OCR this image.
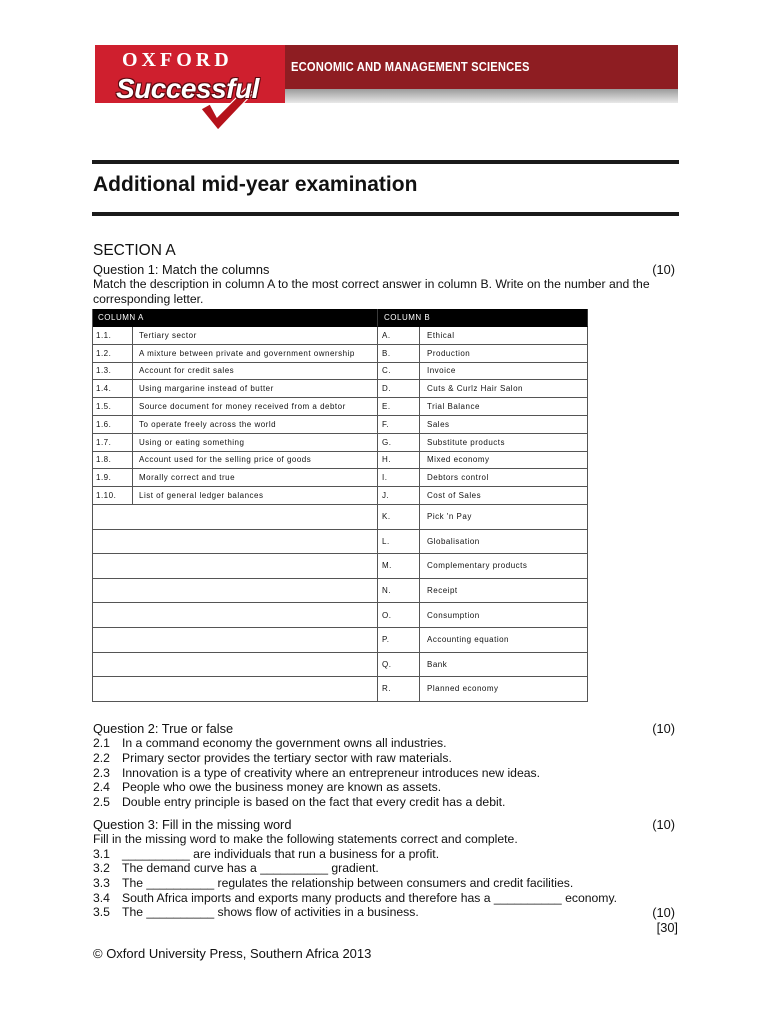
OXFORD
Successful
ECONOMIC AND MANAGEMENT SCIENCES
Additional mid-year examination
SECTION A
Question 1: Match the columns	(10)
Match the description in column A to the most correct answer in column B. Write on the number and the
corresponding letter.
COLUMN A	COLUMN B
1.1.	Tertiary sector	A.	Ethical
1.2.	A mixture between private and government ownership	B.	Production
1.3.	Account for credit sales	C.	Invoice
1.4.	Using margarine instead of butter	D.	Cuts & Curlz Hair Salon
1.5.	Source document for money received from a debtor	E.	Trial Balance
1.6.	To operate freely across the world	F.	Sales
1.7.	Using or eating something	G.	Substitute products
1.8.	Account used for the selling price of goods	H.	Mixed economy
1.9.	Morally correct and true	I.	Debtors control
1.10.	List of general ledger balances	J.	Cost of Sales
K.	Pick 'n Pay
L.	Globalisation
M.	Complementary products
N.	Receipt
O.	Consumption
P.	Accounting equation
Q.	Bank
R.	Planned economy
Question 2: True or false	(10)
2.1 In a command economy the government owns all industries.
2.2 Primary sector provides the tertiary sector with raw materials.
2.3 Innovation is a type of creativity where an entrepreneur introduces new ideas.
2.4 People who owe the business money are known as assets.
2.5 Double entry principle is based on the fact that every credit has a debit.
Question 3: Fill in the missing word	(10)
Fill in the missing word to make the following statements correct and complete.
3.1 __________ are individuals that run a business for a profit.
3.2 The demand curve has a __________ gradient.
3.3 The __________ regulates the relationship between consumers and credit facilities.
3.4 South Africa imports and exports many products and therefore has a __________ economy.
3.5 The __________ shows flow of activities in a business.	(10)
[30]
© Oxford University Press, Southern Africa 2013
